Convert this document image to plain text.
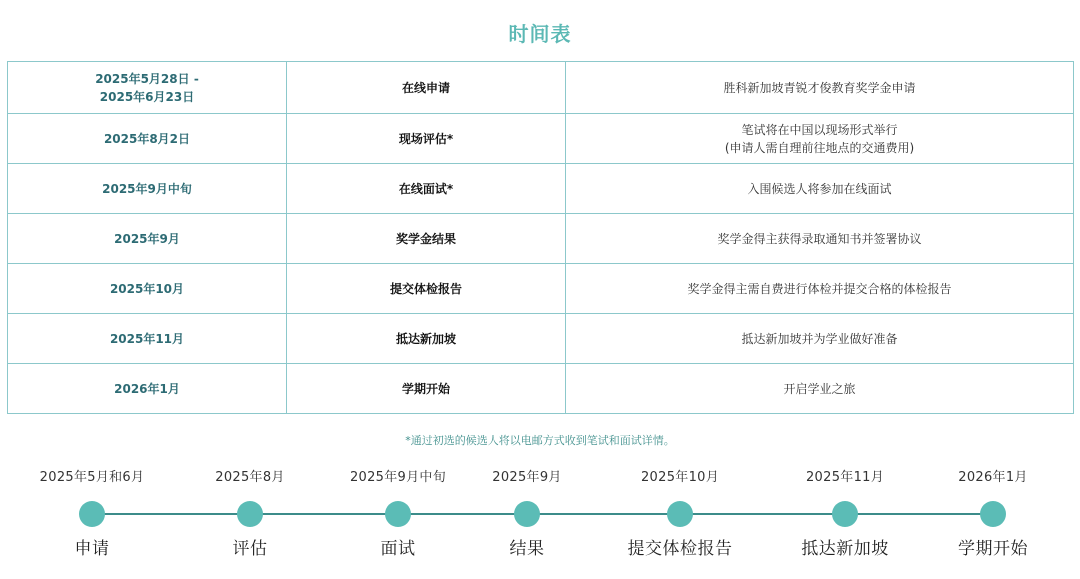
时间表
2025年5月28日 -
2025年6月23日	在线申请	胜科新加坡青锐才俊教育奖学金申请
2025年8月2日	现场评估*	笔试将在中国以现场形式举行
(申请人需自理前往地点的交通费用)

2025年9月中旬	在线面试*	入围候选人将参加在线面试
2025年9月	奖学金结果	奖学金得主获得录取通知书并签署协议
2025年10月	提交体检报告	奖学金得主需自费进行体检并提交合格的体检报告
2025年11月	抵达新加坡	抵达新加坡并为学业做好准备
2026年1月	学期开始	开启学业之旅
*通过初选的候选人将以电邮方式收到笔试和面试详情。
2025年5月和6月
申请
2025年8月
评估
2025年9月中旬
面试
2025年9月
结果
2025年10月
提交体检报告
2025年11月
抵达新加坡
2026年1月
学期开始
